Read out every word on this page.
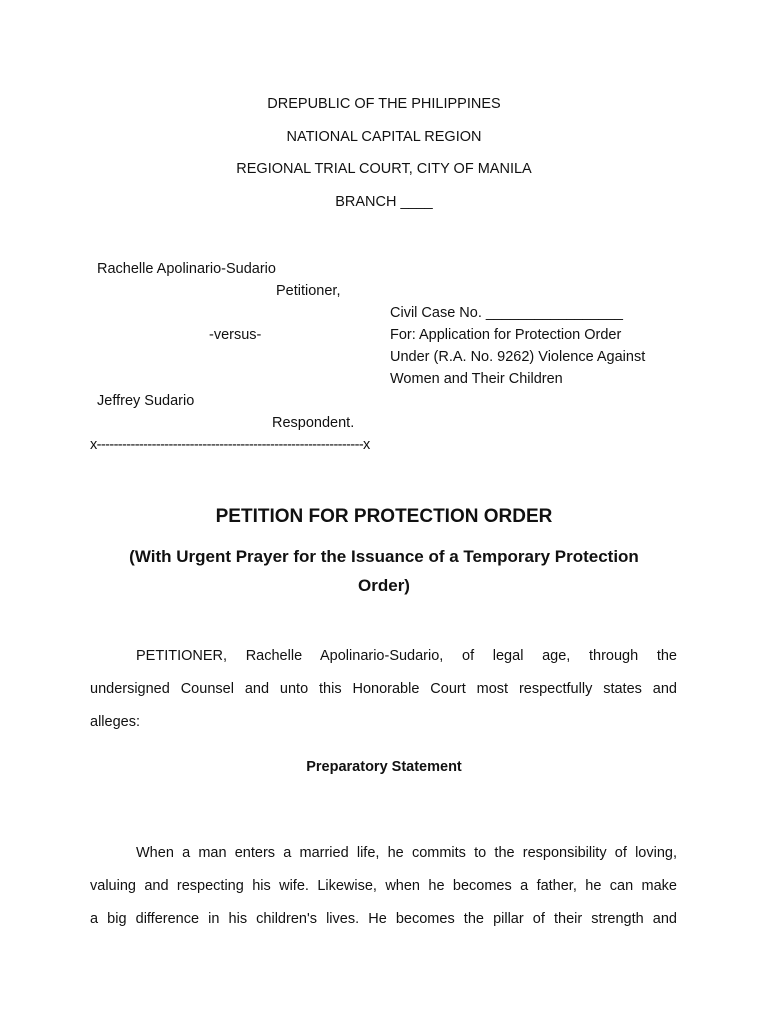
DREPUBLIC OF THE PHILIPPINES
NATIONAL CAPITAL REGION
REGIONAL TRIAL COURT, CITY OF MANILA
BRANCH ____
Rachelle Apolinario-Sudario
Petitioner,
Civil Case No. _________________
-versus-	For: Application for Protection Order
Under (R.A. No. 9262) Violence Against
Women and Their Children
Jeffrey Sudario
Respondent.
x---------------------------------------------------------------x
PETITION FOR PROTECTION ORDER
(With Urgent Prayer for the Issuance of a Temporary Protection
Order)
PETITIONER, Rachelle Apolinario-Sudario, of legal age, through the
undersigned Counsel and unto this Honorable Court most respectfully states and
alleges:
Preparatory Statement
When a man enters a married life, he commits to the responsibility of loving,
valuing and respecting his wife. Likewise, when he becomes a father, he can make
a big difference in his children's lives. He becomes the pillar of their strength and
